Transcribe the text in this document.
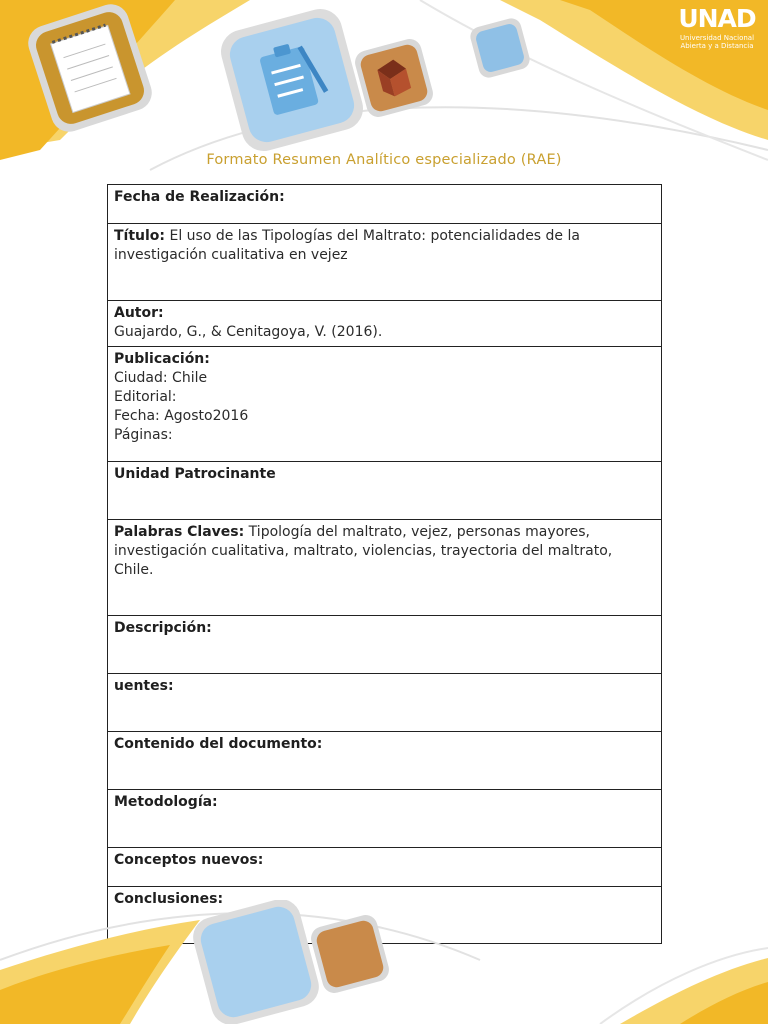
UNAD
Universidad Nacional
Abierta y a Distancia
Formato Resumen Analítico especializado (RAE)
Fecha de Realización:
Título: El uso de las Tipologías del Maltrato: potencialidades de la investigación cualitativa en vejez

Autor:
Guajardo, G., & Cenitagoya, V. (2016).

Publicación:
Ciudad: Chile
Editorial:
Fecha: Agosto2016
Páginas:

Unidad Patrocinante
Palabras Claves: Tipología del maltrato, vejez, personas mayores, investigación cualitativa, maltrato, violencias, trayectoria del maltrato, Chile.
Descripción:
uentes:
Contenido del documento:
Metodología:
Conceptos nuevos:
Conclusiones:
